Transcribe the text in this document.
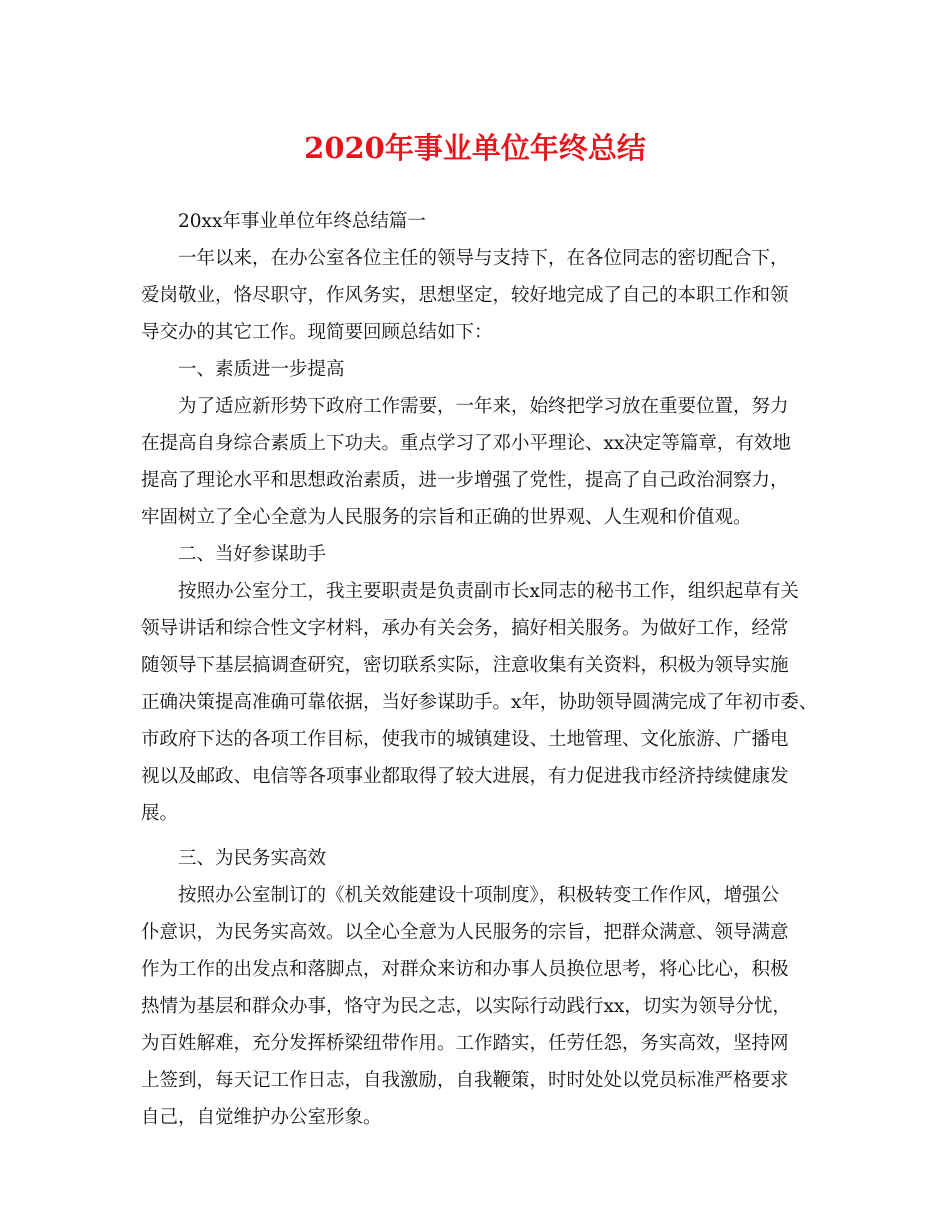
2020年事业单位年终总结
20xx年事业单位年终总结篇一
一年以来，在办公室各位主任的领导与支持下，在各位同志的密切配合下，
爱岗敬业，恪尽职守，作风务实，思想坚定，较好地完成了自己的本职工作和领
导交办的其它工作。现简要回顾总结如下：
一、素质进一步提高
为了适应新形势下政府工作需要，一年来，始终把学习放在重要位置，努力
在提高自身综合素质上下功夫。重点学习了邓小平理论、xx决定等篇章，有效地
提高了理论水平和思想政治素质，进一步增强了党性，提高了自己政治洞察力，
牢固树立了全心全意为人民服务的宗旨和正确的世界观、人生观和价值观。
二、当好参谋助手
按照办公室分工，我主要职责是负责副市长x同志的秘书工作，组织起草有关
领导讲话和综合性文字材料，承办有关会务，搞好相关服务。为做好工作，经常
随领导下基层搞调查研究，密切联系实际，注意收集有关资料，积极为领导实施
正确决策提高准确可靠依据，当好参谋助手。x年，协助领导圆满完成了年初市委、
市政府下达的各项工作目标，使我市的城镇建设、土地管理、文化旅游、广播电
视以及邮政、电信等各项事业都取得了较大进展，有力促进我市经济持续健康发
展。
三、为民务实高效
按照办公室制订的《机关效能建设十项制度》，积极转变工作作风，增强公
仆意识，为民务实高效。以全心全意为人民服务的宗旨，把群众满意、领导满意
作为工作的出发点和落脚点，对群众来访和办事人员换位思考，将心比心，积极
热情为基层和群众办事，恪守为民之志，以实际行动践行xx，切实为领导分忧，
为百姓解难，充分发挥桥梁纽带作用。工作踏实，任劳任怨，务实高效，坚持网
上签到，每天记工作日志，自我激励，自我鞭策，时时处处以党员标准严格要求
自己，自觉维护办公室形象。
